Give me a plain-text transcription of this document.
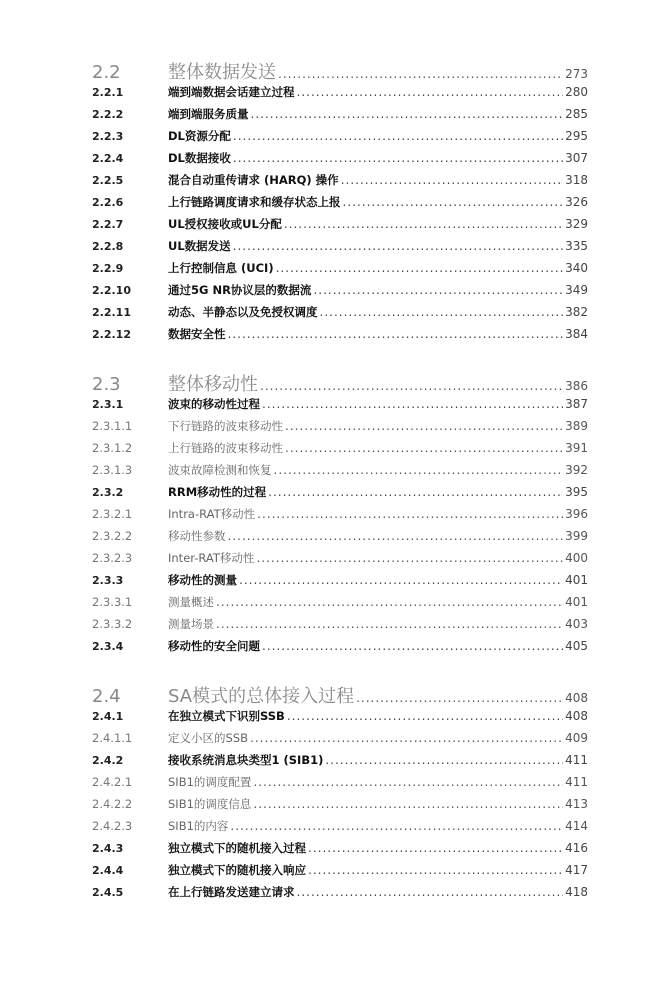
2.2	整体数据发送 .....	273
2.2.1	端到端数据会话建立过程 .....	280
2.2.2	端到端服务质量 .....	285
2.2.3	DL资源分配 .....	295
2.2.4	DL数据接收 .....	307
2.2.5	混合自动重传请求 (HARQ) 操作 .....	318
2.2.6	上行链路调度请求和缓存状态上报 .....	326
2.2.7	UL授权接收或UL分配 .....	329
2.2.8	UL数据发送 .....	335
2.2.9	上行控制信息 (UCI) .....	340
2.2.10	通过5G NR协议层的数据流 .....	349
2.2.11	动态、半静态以及免授权调度 .....	382
2.2.12	数据安全性 .....	384
2.3	整体移动性 .....	386
2.3.1	波束的移动性过程 .....	387
2.3.1.1	下行链路的波束移动性 .....	389
2.3.1.2	上行链路的波束移动性 .....	391
2.3.1.3	波束故障检测和恢复 .....	392
2.3.2	RRM移动性的过程 .....	395
2.3.2.1	Intra-RAT移动性 .....	396
2.3.2.2	移动性参数 .....	399
2.3.2.3	Inter-RAT移动性 .....	400
2.3.3	移动性的测量 .....	401
2.3.3.1	测量概述 .....	401
2.3.3.2	测量场景 .....	403
2.3.4	移动性的安全问题 .....	405
2.4	SA模式的总体接入过程 .....	408
2.4.1	在独立模式下识别SSB .....	408
2.4.1.1	定义小区的SSB .....	409
2.4.2	接收系统消息块类型1 (SIB1) .....	411
2.4.2.1	SIB1的调度配置 .....	411
2.4.2.2	SIB1的调度信息 .....	413
2.4.2.3	SIB1的内容 .....	414
2.4.3	独立模式下的随机接入过程 .....	416
2.4.4	独立模式下的随机接入响应 .....	417
2.4.5	在上行链路发送建立请求 .....	418
